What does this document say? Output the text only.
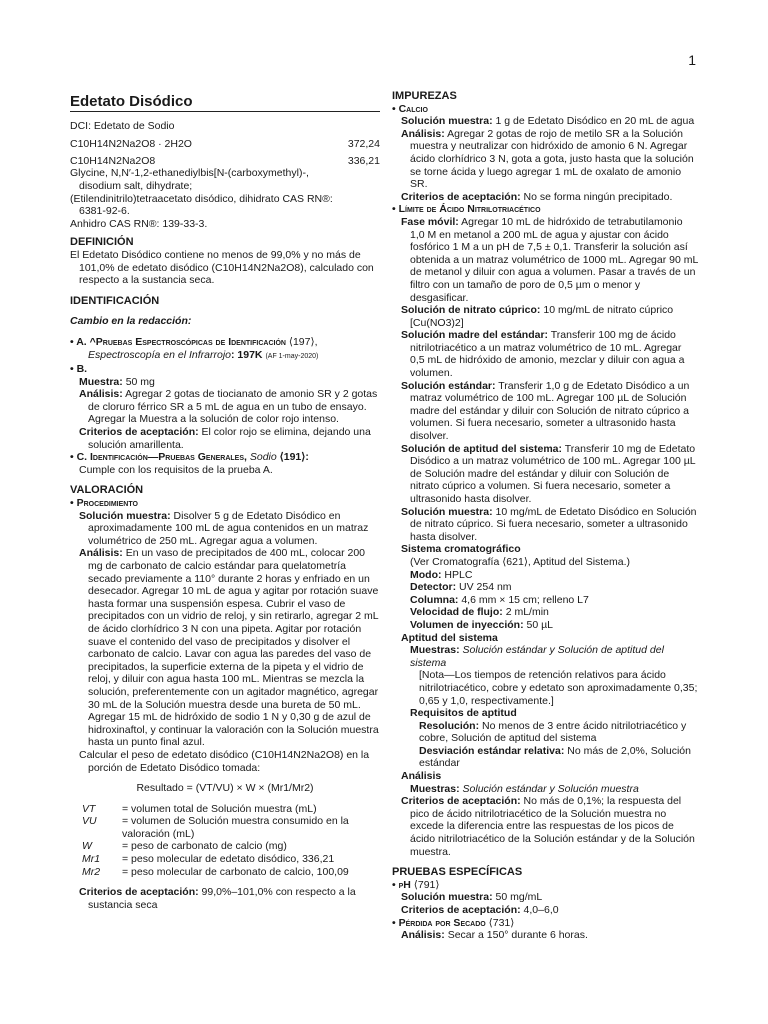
1
Edetato Disódico

DCI: Edetato de Sodio

C10H14N2Na2O8 · 2H2O	372,24
C10H14N2Na2O8	336,21

Glycine, N,N′-1,2-ethanediylbis[N-(carboxymethyl)-,

disodium salt, dihydrate;

(Etilendinitrilo)tetraacetato disódico, dihidrato CAS RN®:

6381-92-6.

Anhidro CAS RN®: 139-33-3.

DEFINICIÓN

El Edetato Disódico contiene no menos de 99,0% y no más de 101,0% de edetato disódico (C10H14N2Na2O8), calculado con respecto a la sustancia seca.

IDENTIFICACIÓN

Cambio en la redacción:

• A. ^Pruebas Espectroscópicas de Identificación ⟨197⟩,

Espectroscopía en el Infrarrojo: 197K (AF 1-may-2020)

• B.

Muestra: 50 mg

Análisis: Agregar 2 gotas de tiocianato de amonio SR y 2 gotas de cloruro férrico SR a 5 mL de agua en un tubo de ensayo. Agregar la Muestra a la solución de color rojo intenso.

Criterios de aceptación: El color rojo se elimina, dejando una solución amarillenta.

• C. Identificación—Pruebas Generales, Sodio ⟨191⟩:

Cumple con los requisitos de la prueba A.

VALORACIÓN

• Procedimiento

Solución muestra: Disolver 5 g de Edetato Disódico en aproximadamente 100 mL de agua contenidos en un matraz volumétrico de 250 mL. Agregar agua a volumen.

Análisis: En un vaso de precipitados de 400 mL, colocar 200 mg de carbonato de calcio estándar para quelatometría secado previamente a 110° durante 2 horas y enfriado en un desecador. Agregar 10 mL de agua y agitar por rotación suave hasta formar una suspensión espesa. Cubrir el vaso de precipitados con un vidrio de reloj, y sin retirarlo, agregar 2 mL de ácido clorhídrico 3 N con una pipeta. Agitar por rotación suave el contenido del vaso de precipitados y disolver el carbonato de calcio. Lavar con agua las paredes del vaso de precipitados, la superficie externa de la pipeta y el vidrio de reloj, y diluir con agua hasta 100 mL. Mientras se mezcla la solución, preferentemente con un agitador magnético, agregar 30 mL de la Solución muestra desde una bureta de 50 mL. Agregar 15 mL de hidróxido de sodio 1 N y 0,30 g de azul de hidroxinaftol, y continuar la valoración con la Solución muestra hasta un punto final azul.

Calcular el peso de edetato disódico (C10H14N2Na2O8) en la porción de Edetato Disódico tomada:

Resultado = (VT/VU) × W × (Mr1/Mr2)

VT	= volumen total de Solución muestra (mL)
VU	= volumen de Solución muestra consumido en la valoración (mL)
W	= peso de carbonato de calcio (mg)
Mr1	= peso molecular de edetato disódico, 336,21
Mr2	= peso molecular de carbonato de calcio, 100,09

Criterios de aceptación: 99,0%–101,0% con respecto a la sustancia seca

IMPUREZAS

• Calcio

Solución muestra: 1 g de Edetato Disódico en 20 mL de agua

Análisis: Agregar 2 gotas de rojo de metilo SR a la Solución muestra y neutralizar con hidróxido de amonio 6 N. Agregar ácido clorhídrico 3 N, gota a gota, justo hasta que la solución se torne ácida y luego agregar 1 mL de oxalato de amonio SR.

Criterios de aceptación: No se forma ningún precipitado.

• Límite de Ácido Nitrilotriacético

Fase móvil: Agregar 10 mL de hidróxido de tetrabutilamonio 1,0 M en metanol a 200 mL de agua y ajustar con ácido fosfórico 1 M a un pH de 7,5 ± 0,1. Transferir la solución así obtenida a un matraz volumétrico de 1000 mL. Agregar 90 mL de metanol y diluir con agua a volumen. Pasar a través de un filtro con un tamaño de poro de 0,5 µm o menor y desgasificar.

Solución de nitrato cúprico: 10 mg/mL de nitrato cúprico [Cu(NO3)2]

Solución madre del estándar: Transferir 100 mg de ácido nitrilotriacético a un matraz volumétrico de 10 mL. Agregar 0,5 mL de hidróxido de amonio, mezclar y diluir con agua a volumen.

Solución estándar: Transferir 1,0 g de Edetato Disódico a un matraz volumétrico de 100 mL. Agregar 100 µL de Solución madre del estándar y diluir con Solución de nitrato cúprico a volumen. Si fuera necesario, someter a ultrasonido hasta disolver.

Solución de aptitud del sistema: Transferir 10 mg de Edetato Disódico a un matraz volumétrico de 100 mL. Agregar 100 µL de Solución madre del estándar y diluir con Solución de nitrato cúprico a volumen. Si fuera necesario, someter a ultrasonido hasta disolver.

Solución muestra: 10 mg/mL de Edetato Disódico en Solución de nitrato cúprico. Si fuera necesario, someter a ultrasonido hasta disolver.

Sistema cromatográfico

(Ver Cromatografía ⟨621⟩, Aptitud del Sistema.)

Modo: HPLC

Detector: UV 254 nm

Columna: 4,6 mm × 15 cm; relleno L7

Velocidad de flujo: 2 mL/min

Volumen de inyección: 50 µL

Aptitud del sistema

Muestras: Solución estándar y Solución de aptitud del sistema

[Nota—Los tiempos de retención relativos para ácido nitrilotriacético, cobre y edetato son aproximadamente 0,35; 0,65 y 1,0, respectivamente.]

Requisitos de aptitud

Resolución: No menos de 3 entre ácido nitrilotriacético y cobre, Solución de aptitud del sistema

Desviación estándar relativa: No más de 2,0%, Solución estándar

Análisis

Muestras: Solución estándar y Solución muestra

Criterios de aceptación: No más de 0,1%; la respuesta del pico de ácido nitrilotriacético de la Solución muestra no excede la diferencia entre las respuestas de los picos de ácido nitrilotriacético de la Solución estándar y de la Solución muestra.

PRUEBAS ESPECÍFICAS

• pH ⟨791⟩

Solución muestra: 50 mg/mL

Criterios de aceptación: 4,0–6,0

• Pérdida por Secado ⟨731⟩

Análisis: Secar a 150° durante 6 horas.
